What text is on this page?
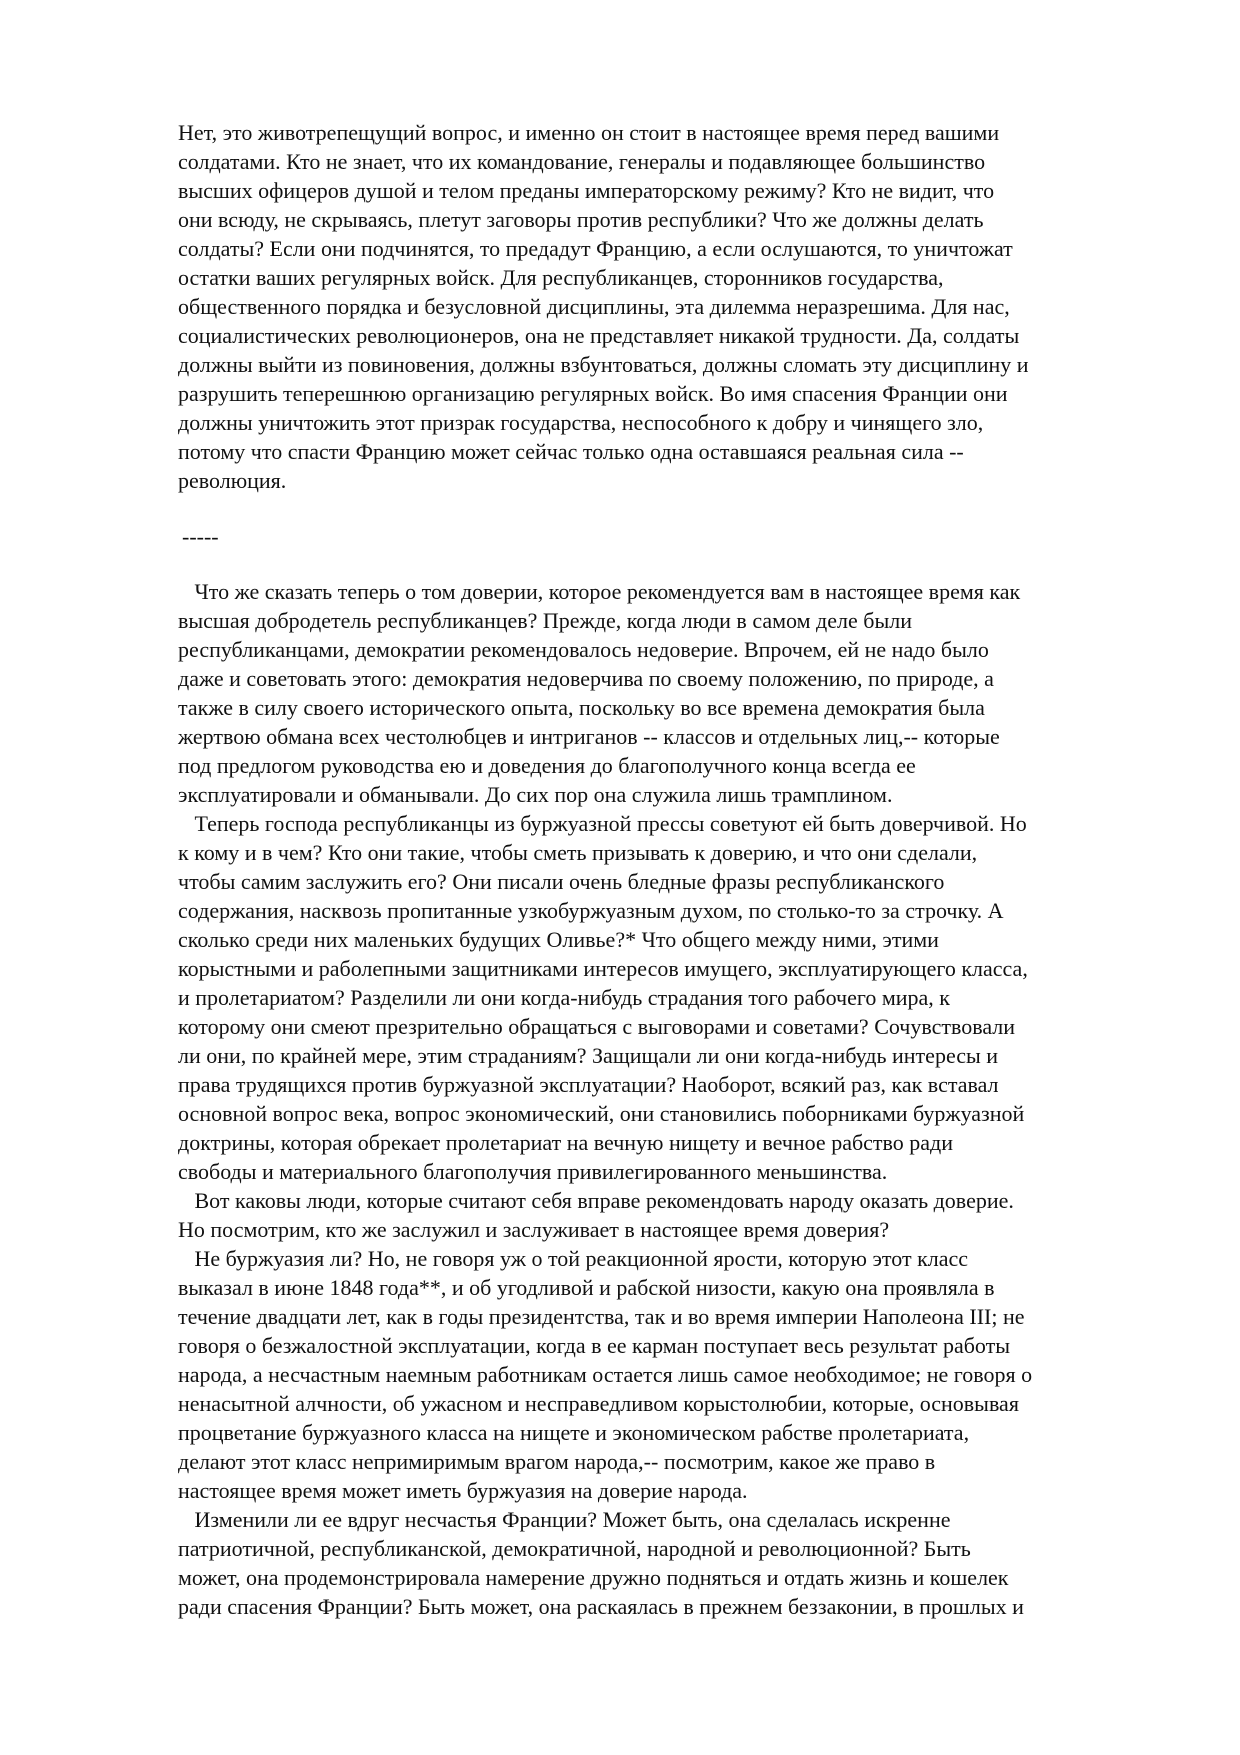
Нет, это животрепещущий вопрос, и именно он стоит в настоящее время перед вашими
солдатами. Кто не знает, что их командование, генералы и подавляющее большинство
высших офицеров душой и телом преданы императорскому режиму? Кто не видит, что
они всюду, не скрываясь, плетут заговоры против республики? Что же должны делать
солдаты? Если они подчинятся, то предадут Францию, а если ослушаются, то уничтожат
остатки ваших регулярных войск. Для республиканцев, сторонников государства,
общественного порядка и безусловной дисциплины, эта дилемма неразрешима. Для нас,
социалистических революционеров, она не представляет никакой трудности. Да, солдаты
должны выйти из повиновения, должны взбунтоваться, должны сломать эту дисциплину и
разрушить теперешнюю организацию регулярных войск. Во имя спасения Франции они
должны уничтожить этот призрак государства, неспособного к добру и чинящего зло,
потому что спасти Францию может сейчас только одна оставшаяся реальная сила --
революция.
-----
Что же сказать теперь о том доверии, которое рекомендуется вам в настоящее время как
высшая добродетель республиканцев? Прежде, когда люди в самом деле были
республиканцами, демократии рекомендовалось недоверие. Впрочем, ей не надо было
даже и советовать этого: демократия недоверчива по своему положению, по природе, а
также в силу своего исторического опыта, поскольку во все времена демократия была
жертвою обмана всех честолюбцев и интриганов -- классов и отдельных лиц,-- которые
под предлогом руководства ею и доведения до благополучного конца всегда ее
эксплуатировали и обманывали. До сих пор она служила лишь трамплином.
Теперь господа республиканцы из буржуазной прессы советуют ей быть доверчивой. Но
к кому и в чем? Кто они такие, чтобы сметь призывать к доверию, и что они сделали,
чтобы самим заслужить его? Они писали очень бледные фразы республиканского
содержания, насквозь пропитанные узкобуржуазным духом, по столько-то за строчку. А
сколько среди них маленьких будущих Оливье?* Что общего между ними, этими
корыстными и раболепными защитниками интересов имущего, эксплуатирующего класса,
и пролетариатом? Разделили ли они когда-нибудь страдания того рабочего мира, к
которому они смеют презрительно обращаться с выговорами и советами? Сочувствовали
ли они, по крайней мере, этим страданиям? Защищали ли они когда-нибудь интересы и
права трудящихся против буржуазной эксплуатации? Наоборот, всякий раз, как вставал
основной вопрос века, вопрос экономический, они становились поборниками буржуазной
доктрины, которая обрекает пролетариат на вечную нищету и вечное рабство ради
свободы и материального благополучия привилегированного меньшинства.
Вот каковы люди, которые считают себя вправе рекомендовать народу оказать доверие.
Но посмотрим, кто же заслужил и заслуживает в настоящее время доверия?
Не буржуазия ли? Но, не говоря уж о той реакционной ярости, которую этот класс
выказал в июне 1848 года**, и об угодливой и рабской низости, какую она проявляла в
течение двадцати лет, как в годы президентства, так и во время империи Наполеона III; не
говоря о безжалостной эксплуатации, когда в ее карман поступает весь результат работы
народа, а несчастным наемным работникам остается лишь самое необходимое; не говоря о
ненасытной алчности, об ужасном и несправедливом корыстолюбии, которые, основывая
процветание буржуазного класса на нищете и экономическом рабстве пролетариата,
делают этот класс непримиримым врагом народа,-- посмотрим, какое же право в
настоящее время может иметь буржуазия на доверие народа.
Изменили ли ее вдруг несчастья Франции? Может быть, она сделалась искренне
патриотичной, республиканской, демократичной, народной и революционной? Быть
может, она продемонстрировала намерение дружно подняться и отдать жизнь и кошелек
ради спасения Франции? Быть может, она раскаялась в прежнем беззаконии, в прошлых и
